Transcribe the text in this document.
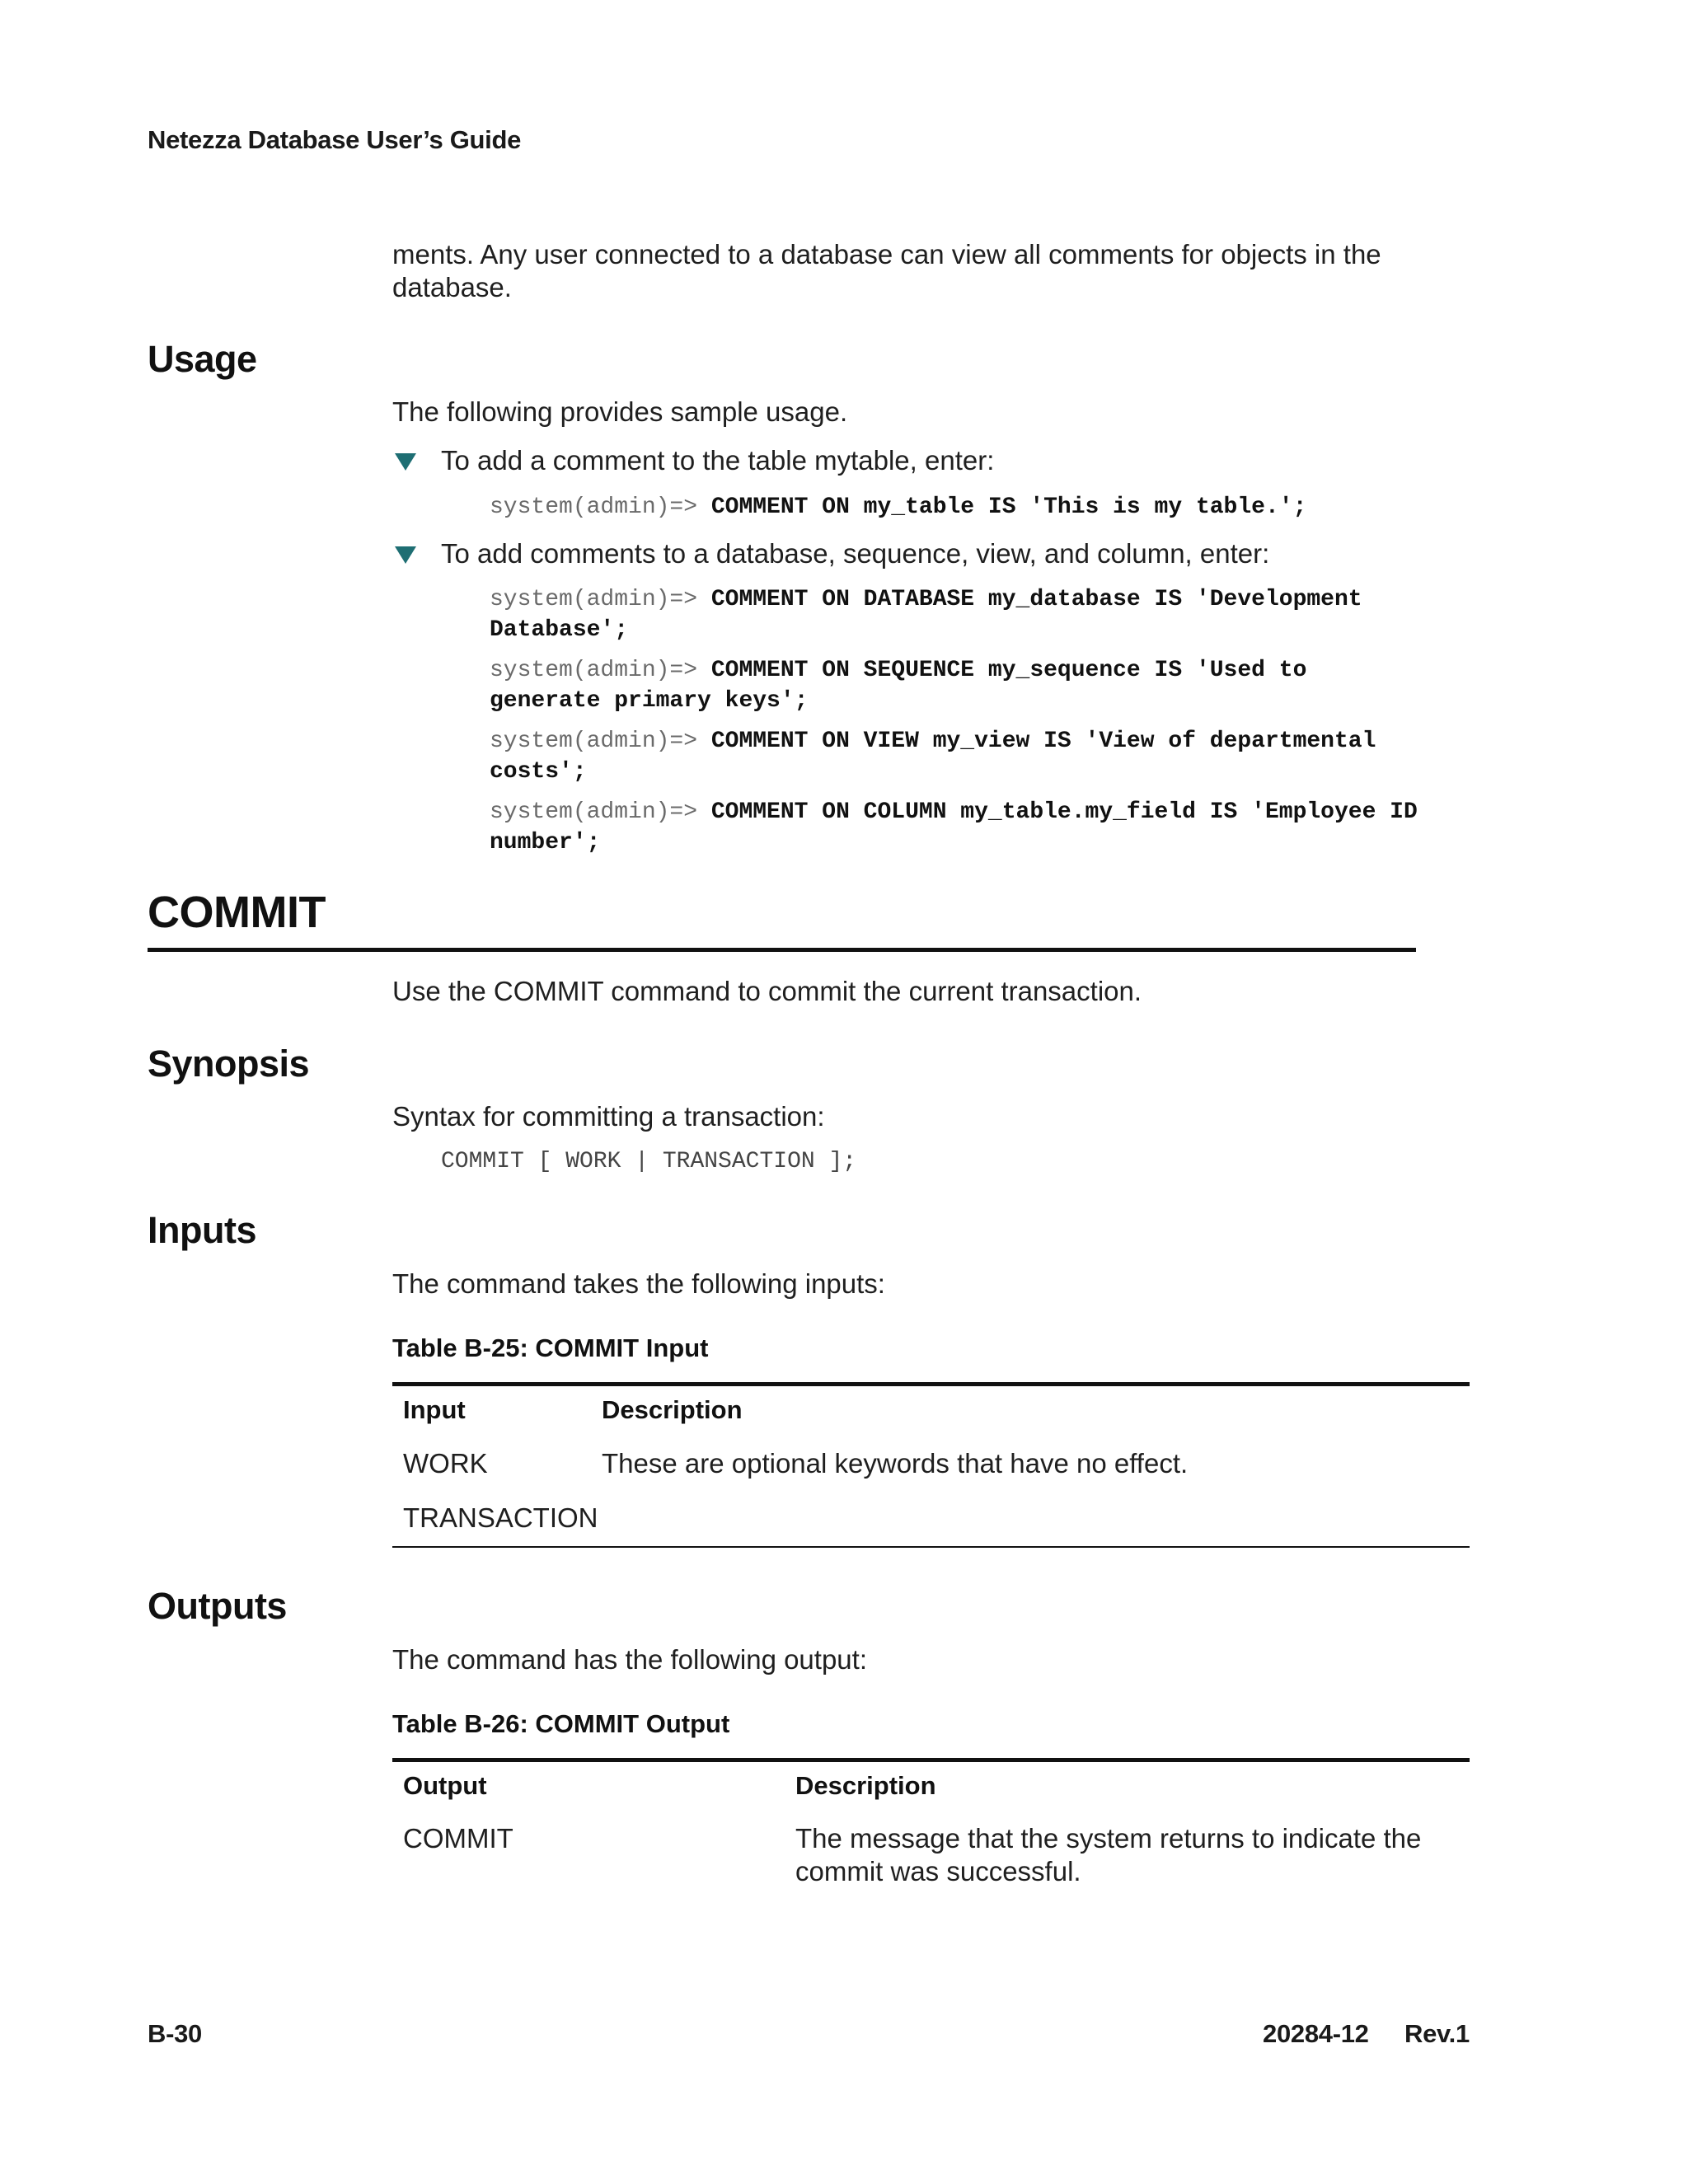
Netezza Database User’s Guide
ments. Any user connected to a database can view all comments for objects in the
database.
Usage
The following provides sample usage.
To add a comment to the table mytable, enter:
system(admin)=> COMMENT ON my_table IS 'This is my table.';
To add comments to a database, sequence, view, and column, enter:
system(admin)=> COMMENT ON DATABASE my_database IS 'Development
Database';
system(admin)=> COMMENT ON SEQUENCE my_sequence IS 'Used to
generate primary keys';
system(admin)=> COMMENT ON VIEW my_view IS 'View of departmental
costs';
system(admin)=> COMMENT ON COLUMN my_table.my_field IS 'Employee ID
number';
COMMIT
Use the COMMIT command to commit the current transaction.
Synopsis
Syntax for committing a transaction:
COMMIT [ WORK | TRANSACTION ];
Inputs
The command takes the following inputs:
Table B-25: COMMIT Input
Input	Description
WORK	These are optional keywords that have no effect.
TRANSACTION
Outputs
The command has the following output:
Table B-26: COMMIT Output
Output	Description
COMMIT	The message that the system returns to indicate the
commit was successful.
B-30	20284-12 Rev.1
